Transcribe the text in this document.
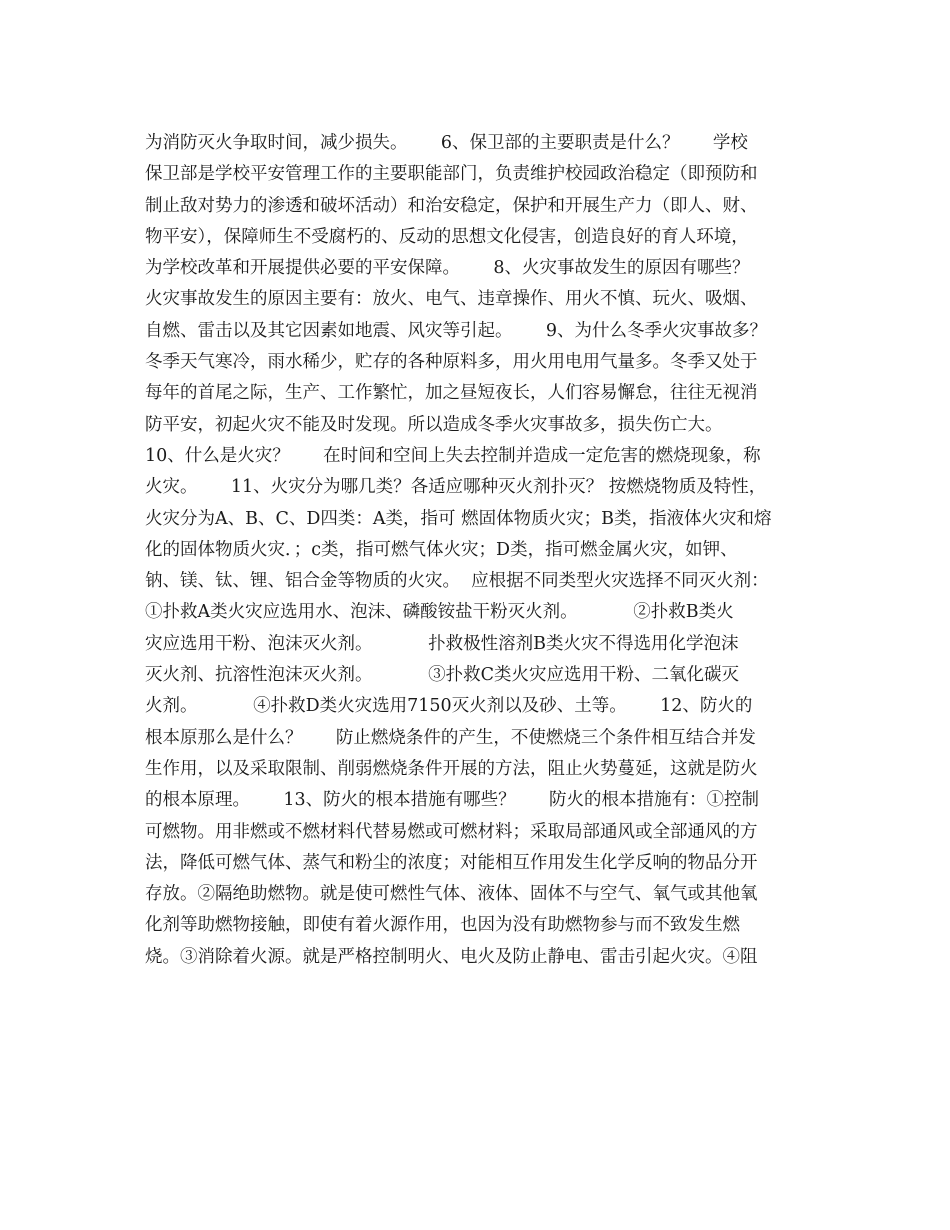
为消防灭火争取时间，减少损失。      6、保卫部的主要职责是什么？      学校
保卫部是学校平安管理工作的主要职能部门，负责维护校园政治稳定（即预防和
制止敌对势力的渗透和破坏活动）和治安稳定，保护和开展生产力（即人、财、
物平安），保障师生不受腐朽的、反动的思想文化侵害，创造良好的育人环境，
为学校改革和开展提供必要的平安保障。      8、火灾事故发生的原因有哪些？
火灾事故发生的原因主要有：放火、电气、违章操作、用火不慎、玩火、吸烟、
自燃、雷击以及其它因素如地震、风灾等引起。      9、为什么冬季火灾事故多？
冬季天气寒冷，雨水稀少，贮存的各种原料多，用火用电用气量多。冬季又处于
每年的首尾之际，生产、工作繁忙，加之昼短夜长，人们容易懈怠，往往无视消
防平安，初起火灾不能及时发现。所以造成冬季火灾事故多，损失伤亡大。
10、什么是火灾？      在时间和空间上失去控制并造成一定危害的燃烧现象，称
火灾。      11、火灾分为哪几类？各适应哪种灭火剂扑灭？ 按燃烧物质及特性，
火灾分为A、B、C、D四类：A类，指可 燃固体物质火灾；B类，指液体火灾和熔
化的固体物质火灾．；c类，指可燃气体火灾；D类，指可燃金属火灾，如钾、
钠、镁、钛、锂、铝合金等物质的火灾。  应根据不同类型火灾选择不同灭火剂：
①扑救A类火灾应选用水、泡沫、磷酸铵盐干粉灭火剂。          ②扑救B类火
灾应选用干粉、泡沫灭火剂。          扑救极性溶剂B类火灾不得选用化学泡沫
灭火剂、抗溶性泡沫灭火剂。          ③扑救C类火灾应选用干粉、二氧化碳灭
火剂。          ④扑救D类火灾选用7150灭火剂以及砂、土等。      12、防火的
根本原那么是什么？      防止燃烧条件的产生，不使燃烧三个条件相互结合并发
生作用，以及采取限制、削弱燃烧条件开展的方法，阻止火势蔓延，这就是防火
的根本原理。      13、防火的根本措施有哪些？      防火的根本措施有：①控制
可燃物。用非燃或不燃材料代替易燃或可燃材料；采取局部通风或全部通风的方
法，降低可燃气体、蒸气和粉尘的浓度；对能相互作用发生化学反响的物品分开
存放。②隔绝助燃物。就是使可燃性气体、液体、固体不与空气、氧气或其他氧
化剂等助燃物接触，即使有着火源作用，也因为没有助燃物参与而不致发生燃
烧。③消除着火源。就是严格控制明火、电火及防止静电、雷击引起火灾。④阻
